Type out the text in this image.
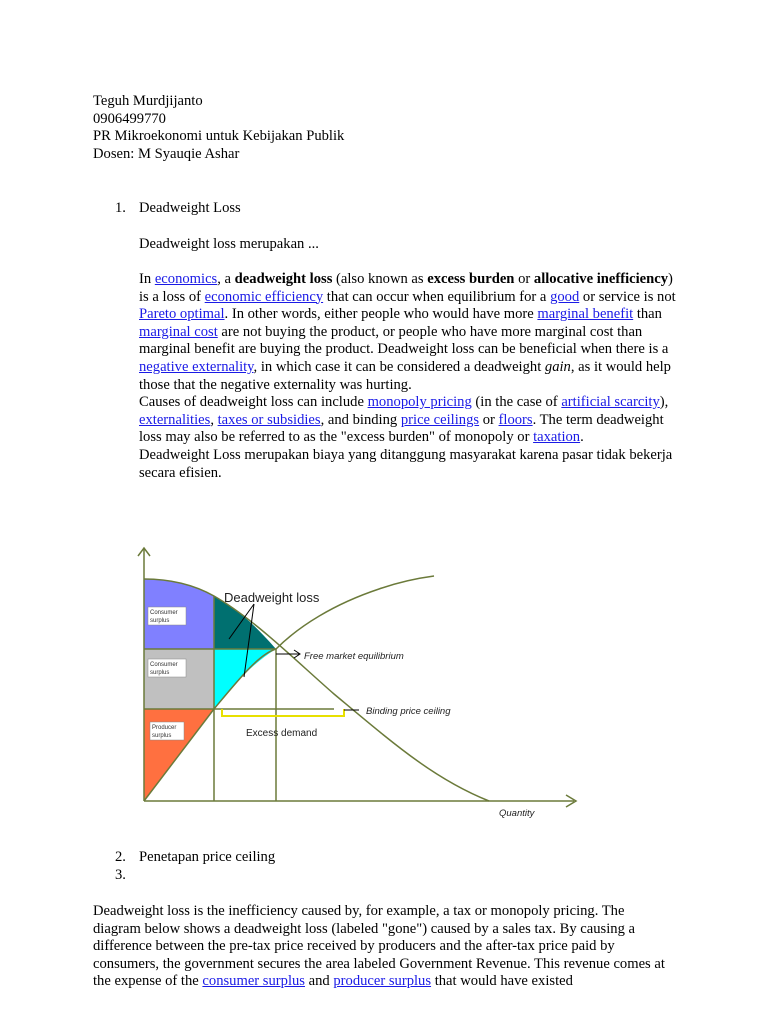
Teguh Murdjijanto
0906499770
PR Mikroekonomi untuk Kebijakan Publik
Dosen: M Syauqie Ashar
1. Deadweight Loss
Deadweight loss merupakan ...

In economics, a deadweight loss (also known as excess burden or allocative inefficiency) is a loss of economic efficiency that can occur when equilibrium for a good or service is not Pareto optimal. In other words, either people who would have more marginal benefit than marginal cost are not buying the product, or people who have more marginal cost than marginal benefit are buying the product. Deadweight loss can be beneficial when there is a negative externality, in which case it can be considered a deadweight gain, as it would help those that the negative externality was hurting.

Causes of deadweight loss can include monopoly pricing (in the case of artificial scarcity), externalities, taxes or subsidies, and binding price ceilings or floors. The term deadweight loss may also be referred to as the "excess burden" of monopoly or taxation.

Deadweight Loss merupakan biaya yang ditanggung masyarakat karena pasar tidak bekerja secara efisien.

Deadweight loss
Free market equilibrium
Binding price ceiling
Excess demand
Quantity
Consumer
surplus
Consumer
surplus
Producer
surplus
2. Penetapan price ceiling
3.

Deadweight loss is the inefficiency caused by, for example, a tax or monopoly pricing. The diagram below shows a deadweight loss (labeled "gone") caused by a sales tax. By causing a difference between the pre-tax price received by producers and the after-tax price paid by consumers, the government secures the area labeled Government Revenue. This revenue comes at the expense of the consumer surplus and producer surplus that would have existed
